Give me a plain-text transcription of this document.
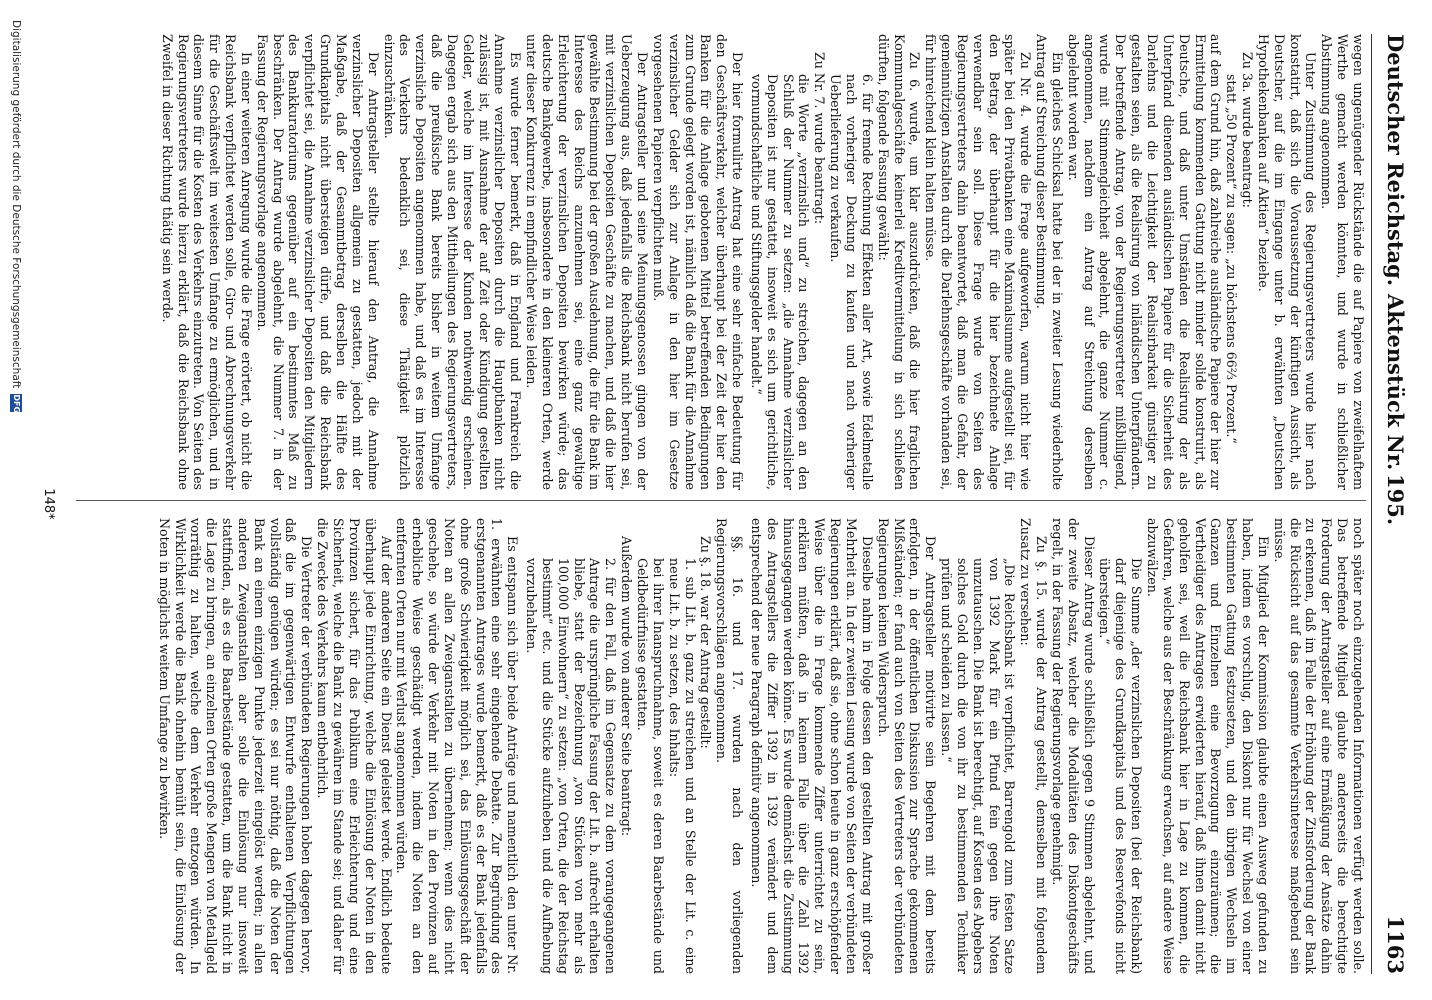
Deutscher Reichstag.
Aktenstück Nr.
195.
1163

wegen ungenügender Rückstände die auf Papiere von zweifelhaftem Werthe gemacht werden könnten, und wurde in schließlicher Abstimmung angenommen.

Unter Zustimmung des Regierungsvertreters wurde hier nach konstatirt, daß sich die Voraussetzung der künftigen Aussicht, als Deutscher, auf die im Eingange unter b. erwähnten „Deutschen Hypothekenbanken auf Aktien“ beziehe.

Zu 3a. wurde beantragt:

statt „50 Prozent“ zu sagen: „zu höchstens 66⅔ Prozent.“

auf dem Grund hin, daß zahlreiche ausländische Papiere der hier zur Ermittelung kommenden Gattung nicht minder solide konstruirt, als Deutsche, und daß unter Umständen die Realisirung der als Unterpfand dienenden ausländischen Papiere für die Sicherheit des Darlehns und die Leichtigkeit der Realisirbarkeit günstiger zu gestalten seien, als die Realisirung von inländischen Unterpfändern. Der betreffende Antrag, von der Regierungsvertreter mißbilligend, wurde mit Stimmengleichheit abgelehnt, die ganze Nummer c. angenommen, nachdem ein Antrag auf Streichung derselben abgelehnt worden war.

Ein gleiches Schicksal hatte bei der in zweiter Lesung wiederholte Antrag auf Streichung dieser Bestimmung.

Zu Nr. 4. wurde die Frage aufgeworfen, warum nicht hier wie später bei den Privatbanken eine Maximalsumme aufgestellt sei, für den Betrag, der überhaupt für die hier bezeichnete Anlage verwendbar sein soll. Diese Frage wurde von Seiten des Regierungsvertreters dahin beantwortet, daß man die Gefahr, der gemeinnützigen Anstalten durch die Darlehnsgeschäfte vorhanden sei, für hinreichend klein halten müsse.

Zu 6. wurde, um klar auszudrücken, daß die hier fraglichen Kommunalgeschäfte keinerlei Kreditvermittelung in sich schließen dürften, folgende Fassung gewählt:

6. für fremde Rechnung Effekten aller Art, sowie Edelmetalle nach vorheriger Deckung zu kaufen und nach vorheriger Ueberlieferung zu verkaufen.

Zu Nr. 7. wurde beantragt:

die Worte „verzinslich und“ zu streichen, dagegen an den Schluß der Nummer zu setzen: „die Annahme verzinslicher Depositen ist nur gestattet, insoweit es sich um gerichtliche, vormundschaftliche und Stiftungsgelder handelt.“

Der hier formulirte Antrag hat eine sehr einfache Bedeutung für den Geschäftsverkehr, welcher überhaupt bei der Zeit der hier den Banken für die Anlage gebotenen Mittel betreffenden Bedingungen zum Grunde gelegt worden ist, nämlich daß die Bank für die Annahme verzinslicher Gelder sich zur Anlage in den hier im Gesetze vorgesehenen Papieren verpflichten muß.

Der Antragsteller und seine Meinungsgenossen gingen von der Ueberzeugung aus, daß jedenfalls die Reichsbank nicht berufen sei, mit verzinslichen Depositen Geschäfte zu machen, und daß die hier gewählte Bestimmung bei der großen Ausdehnung, die für die Bank im Interesse des Reichs anzunehmen sei, eine ganz gewaltige Erleichterung der verzinslichen Depositen bewirken würde; das deutsche Bankgewerbe, insbesondere in den kleineren Orten, werde unter dieser Konkurrenz in empfindlicher Weise leiden.

Es wurde ferner bemerkt, daß in England und Frankreich die Annahme verzinslicher Depositen durch die Hauptbanken nicht zulässig ist, mit Ausnahme der auf Zeit oder Kündigung gestellten Gelder, welche im Interesse der Kunden nothwendig erscheinen. Dagegen ergab sich aus den Mittheilungen des Regierungsvertreters, daß die preußische Bank bereits bisher in weitem Umfange verzinsliche Depositen angenommen habe, und daß es im Interesse des Verkehrs bedenklich sei, diese Thätigkeit plötzlich einzuschränken.

Der Antragsteller stellte hierauf den Antrag, die Annahme verzinslicher Depositen allgemein zu gestatten, jedoch mit der Maßgabe, daß der Gesammtbetrag derselben die Hälfte des Grundkapitals nicht übersteigen dürfe, und daß die Reichsbank verpflichtet sei, die Annahme verzinslicher Depositen den Mitgliedern des Bankkuratoriums gegenüber auf ein bestimmtes Maß zu beschränken. Der Antrag wurde abgelehnt, die Nummer 7. in der Fassung der Regierungsvorlage angenommen.

In einer weiteren Anregung wurde die Frage erörtert, ob nicht die Reichsbank verpflichtet werden solle, Giro- und Abrechnungsverkehr für die Geschäftswelt im weitesten Umfange zu ermöglichen, und in diesem Sinne für die Kosten des Verkehrs einzutreten. Von Seiten des Regierungsvertreters wurde hierzu erklärt, daß die Reichsbank ohne Zweifel in dieser Richtung thätig sein werde.

noch später noch einzugehenden Informationen verfügt werden solle. Das betreffende Mitglied glaubte andererseits die berechtigte Forderung der Antragsteller auf eine Ermäßigung der Ansätze dahin zu erkennen, daß im Falle der Erhöhung der Zinsforderung der Bank die Rücksicht auf das gesammte Verkehrsinteresse maßgebend sein müsse.

Ein Mitglied der Kommission glaubte einen Ausweg gefunden zu haben, indem es vorschlug, den Diskont nur für Wechsel von einer bestimmten Gattung festzusetzen, und den übrigen Wechseln im Ganzen und Einzelnen eine Bevorzugung einzuräumen; die Vertheidiger des Antrages erwiderten hierauf, daß ihnen damit nicht geholfen sei, weil die Reichsbank hier in Lage zu kommen, die Gefahren, welche aus der Beschränkung erwachsen, auf andere Weise abzuwälzen.

Die Summe „der verzinslichen Depositen (bei der Reichsbank) darf diejenige des Grundkapitals und des Reservefonds nicht übersteigen.“

Dieser Antrag wurde schließlich gegen 9 Stimmen abgelehnt, und der zweite Absatz, welcher die Modalitäten des Diskontgeschäfts regelt, in der Fassung der Regierungsvorlage genehmigt.

Zu §. 15. wurde der Antrag gestellt, demselben mit folgendem Zusatz zu versehen:

„Die Reichsbank ist verpflichtet, Barrengold zum festen Satze von 1392 Mark für ein Pfund fein gegen ihre Noten umzutauschen. Die Bank ist berechtigt, auf Kosten des Abgebers solches Gold durch die von ihr zu bestimmenden Techniker prüfen und scheiden zu lassen.“

Der Antragsteller motivirte sein Begehren mit dem bereits erfolgten, in der öffentlichen Diskussion zur Sprache gekommenen Mißständen; er fand auch von Seiten des Vertreters der verbündeten Regierungen keinen Widerspruch.

Dieselbe nahm in Folge dessen den gestellten Antrag mit großer Mehrheit an. In der zweiten Lesung wurde von Seiten der verbündeten Regierungen erklärt, daß sie, ohne schon heute in ganz erschöpfender Weise über die in Frage kommende Ziffer unterrichtet zu sein, erklären müßten, daß in keinem Falle über die Zahl 1392 hinausgegangen werden könne. Es wurde demnächst die Zustimmung des Antragstellers die Ziffer 1392 in 1392 verändert und dem entsprechend der neue Paragraph definitiv angenommen.

§§. 16. und 17. wurden nach den vorliegenden Regierungsvorschlägen angenommen.

Zu §. 18. war der Antrag gestellt:

1. sub Lit. b. ganz zu streichen und an Stelle der Lit. c. eine neue Lit. b. zu setzen, des Inhalts:

bei ihrer Inanspruchnahme, soweit es deren Baarbestände und Geldbedürfnisse gestatten.

Außerdem wurde von anderer Seite beantragt:

2. für den Fall, daß im Gegensatze zu dem vorangegangenen Antrage die ursprüngliche Fassung der Lit. b. aufrecht erhalten bliebe, statt der Bezeichnung „von Stücken von mehr als 100,000 Einwohnern“ zu setzen: „von Orten, die der Reichstag bestimmt“ etc. und die Stücke aufzuheben und die Aufhebung vorzubehalten.

Es entspann sich über beide Anträge und namentlich den unter Nr. 1. erwähnten eine sehr eingehende Debatte. Zur Begründung des erstgenannten Antrages wurde bemerkt, daß es der Bank jedenfalls ohne große Schwierigkeit möglich sei, das Einlösungsgeschäft der Noten an allen Zweiganstalten zu übernehmen; wenn dies nicht geschehe, so würde der Verkehr mit Noten in den Provinzen auf erhebliche Weise geschädigt werden, indem die Noten an den entfernten Orten nur mit Verlust angenommen würden.

Auf der anderen Seite ein Dienst geleistet werde. Endlich bedeute überhaupt jede Einrichtung, welche die Einlösung der Noten in den Provinzen sichert, für das Publikum eine Erleichterung und eine Sicherheit, welche die Bank zu gewähren im Stande sei; und daher für die Zwecke des Verkehrs kaum entbehrlich.

Die Vertreter der verbündeten Regierungen hoben dagegen hervor, daß die im gegenwärtigen Entwurfe enthaltenen Verpflichtungen vollständig genügen würden; es sei nur nöthig, daß die Noten der Bank an einem einzigen Punkte jederzeit eingelöst werden; in allen anderen Zweiganstalten aber solle die Einlösung nur insoweit stattfinden, als es die Baarbestände gestatten, um die Bank nicht in die Lage zu bringen, an einzelnen Orten große Mengen von Metallgeld vorräthig zu halten, welche dem Verkehr entzogen würden. In Wirklichkeit werde die Bank ohnehin bemüht sein, die Einlösung der Noten in möglichst weitem Umfange zu bewirken.

148*
Digitalisierung gefördert durch die Deutsche Forschungsgemeinschaft
DFG
